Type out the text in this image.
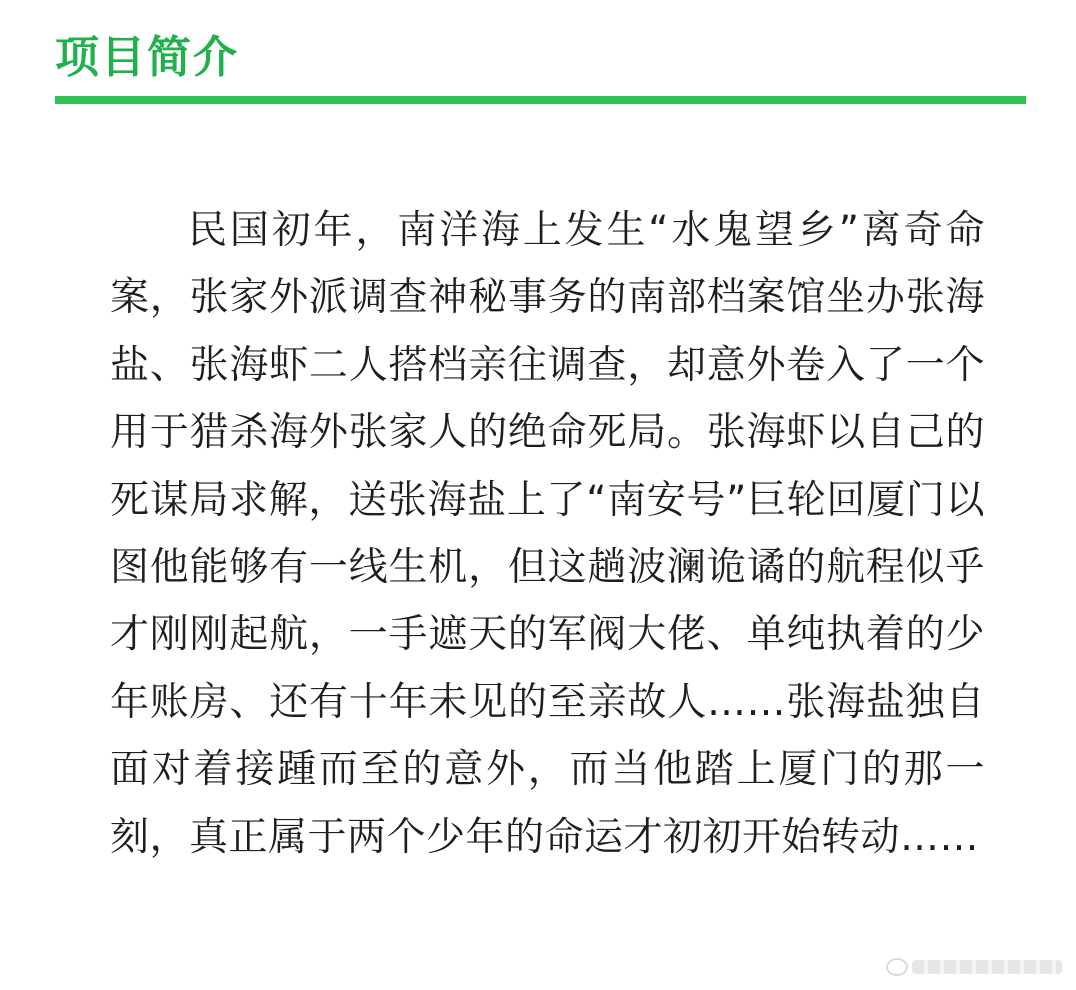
项目简介

民国初年，南洋海上发生“水鬼望乡”离奇命案，张家外派调查神秘事务的南部档案馆坐办张海盐、张海虾二人搭档亲往调查，却意外卷入了一个用于猎杀海外张家人的绝命死局。张海虾以自己的死谋局求解，送张海盐上了“南安号”巨轮回厦门以图他能够有一线生机，但这趟波澜诡谲的航程似乎才刚刚起航，一手遮天的军阀大佬、单纯执着的少年账房、还有十年未见的至亲故人……张海盐独自面对着接踵而至的意外，而当他踏上厦门的那一刻，真正属于两个少年的命运才初初开始转动……
